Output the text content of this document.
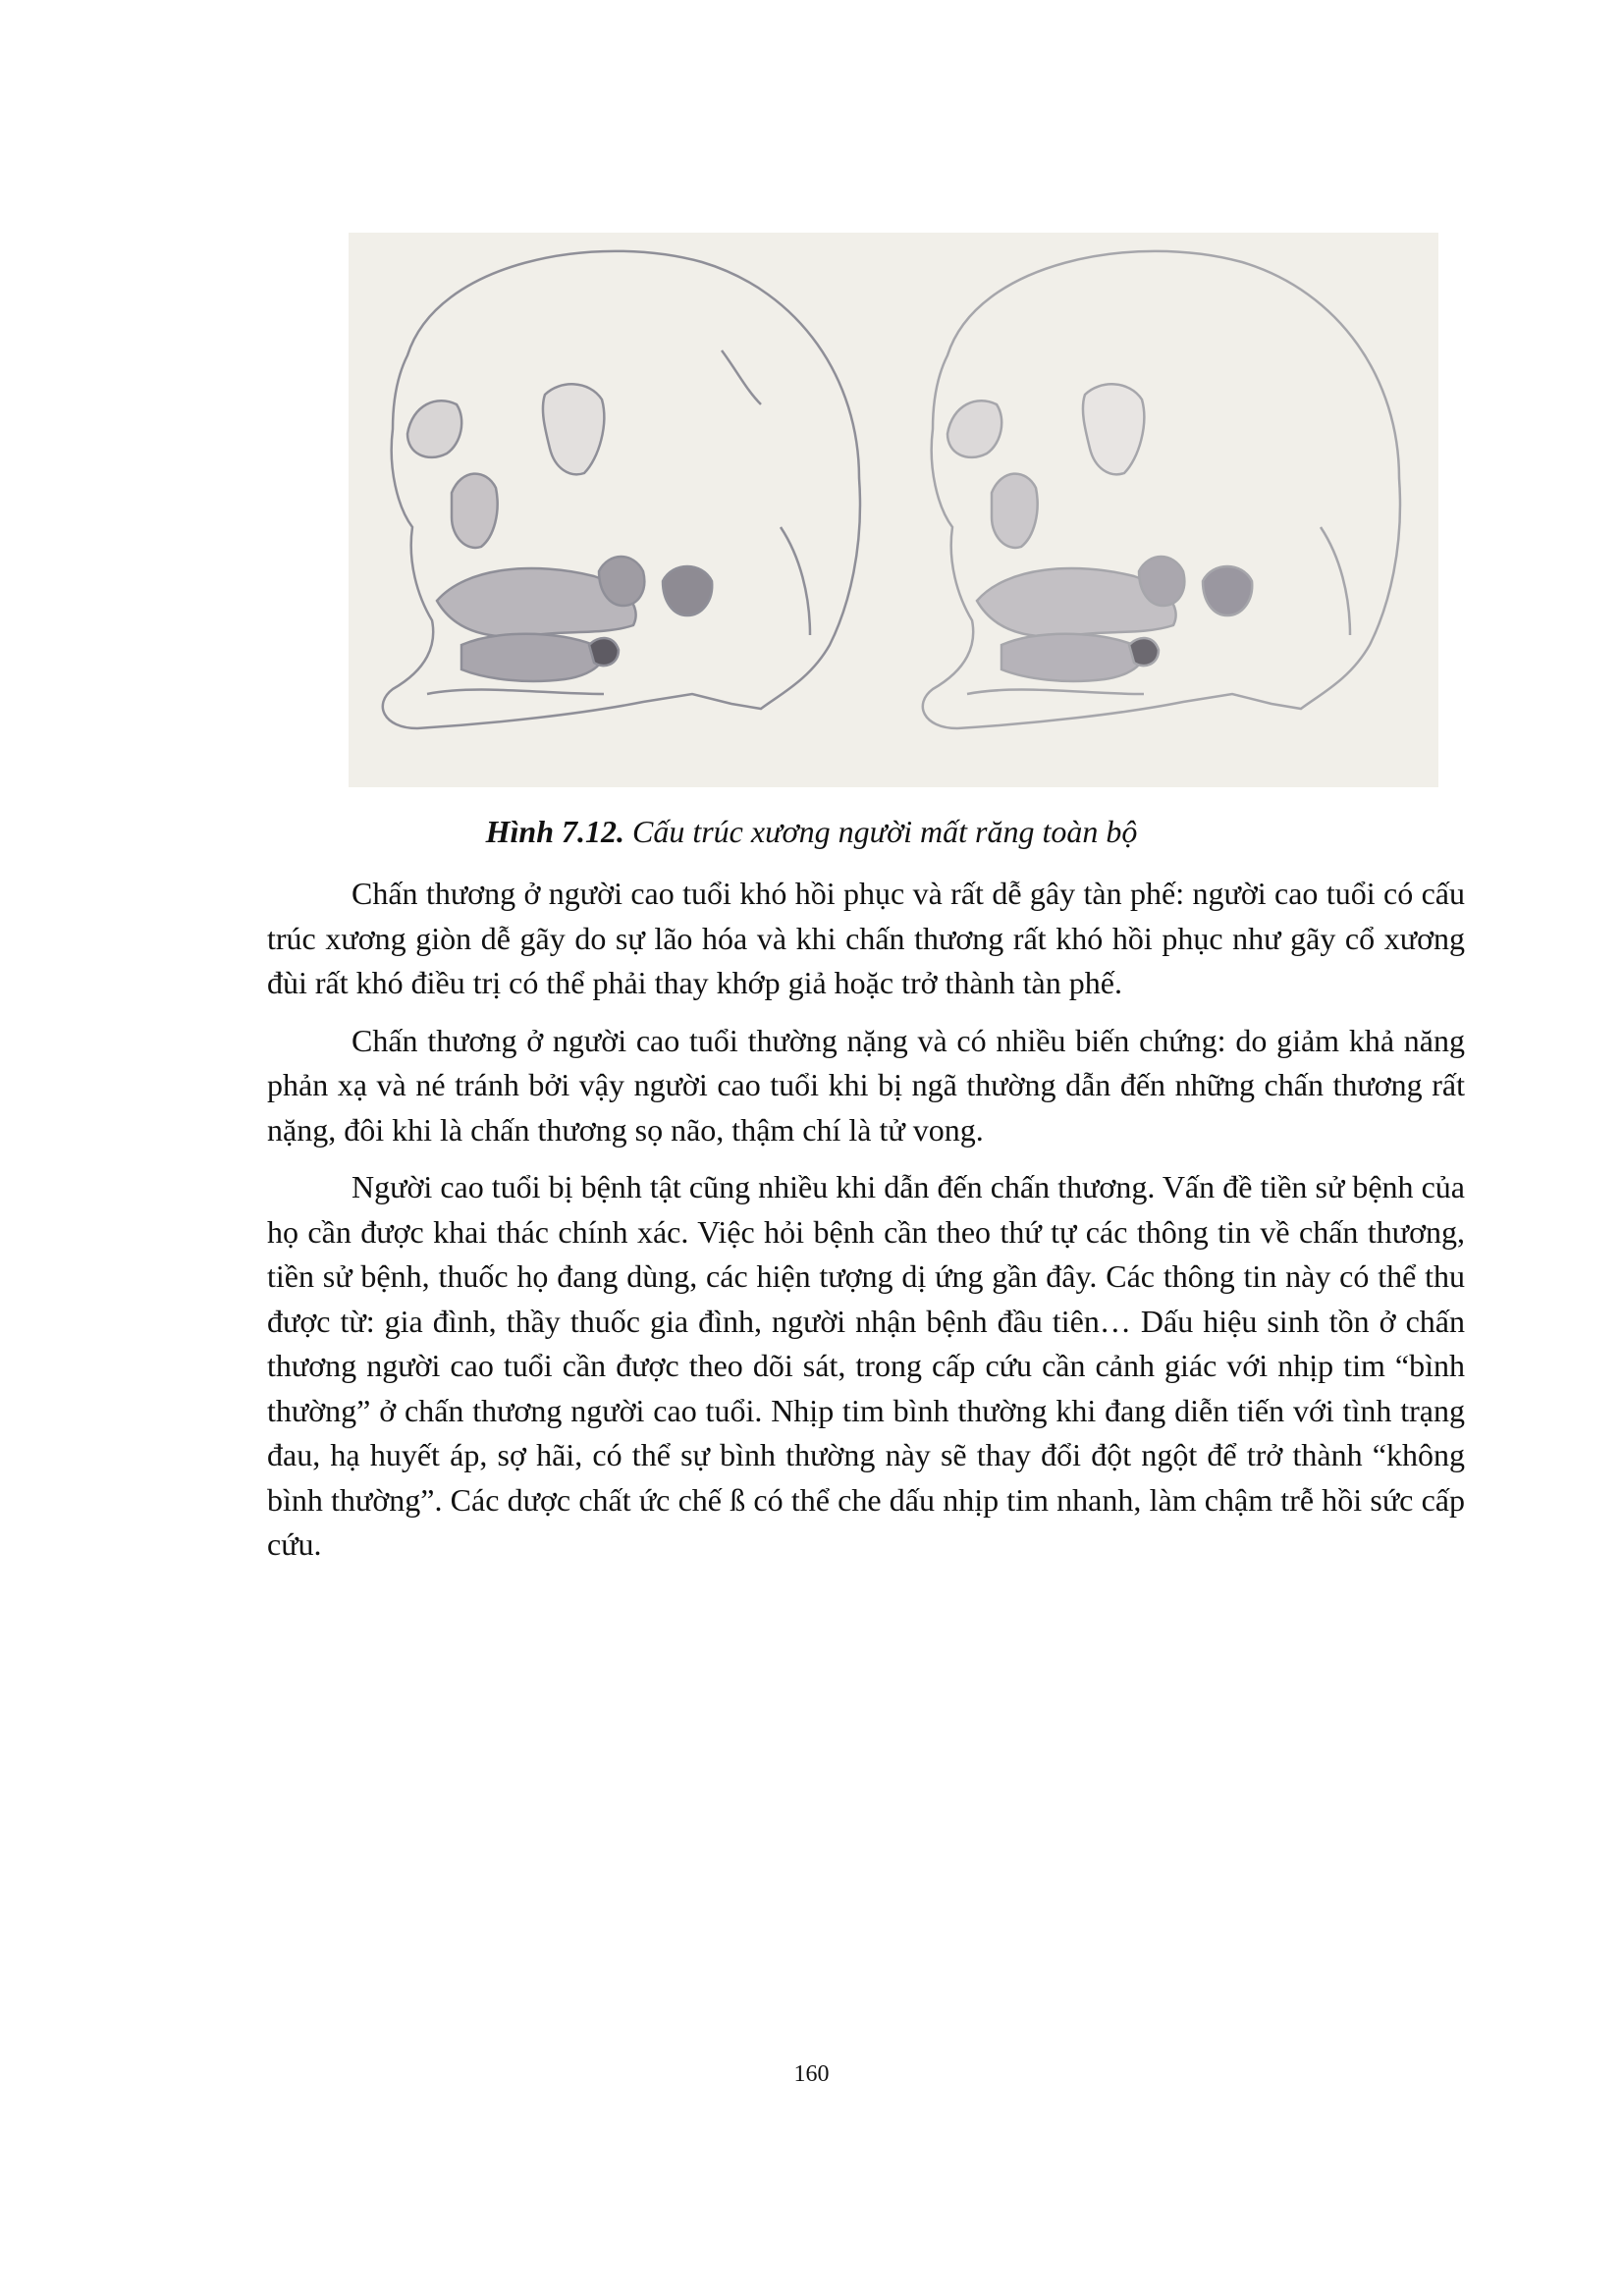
Hình 7.12. Cấu trúc xương người mất răng toàn bộ

Chấn thương ở người cao tuổi khó hồi phục và rất dễ gây tàn phế: người cao tuổi có cấu trúc xương giòn dễ gãy do sự lão hóa và khi chấn thương rất khó hồi phục như gãy cổ xương đùi rất khó điều trị có thể phải thay khớp giả hoặc trở thành tàn phế.

Chấn thương ở người cao tuổi thường nặng và có nhiều biến chứng: do giảm khả năng phản xạ và né tránh bởi vậy người cao tuổi khi bị ngã thường dẫn đến những chấn thương rất nặng, đôi khi là chấn thương sọ não, thậm chí là tử vong.

Người cao tuổi bị bệnh tật cũng nhiều khi dẫn đến chấn thương. Vấn đề tiền sử bệnh của họ cần được khai thác chính xác. Việc hỏi bệnh cần theo thứ tự các thông tin về chấn thương, tiền sử bệnh, thuốc họ đang dùng, các hiện tượng dị ứng gần đây. Các thông tin này có thể thu được từ: gia đình, thầy thuốc gia đình, người nhận bệnh đầu tiên… Dấu hiệu sinh tồn ở chấn thương người cao tuổi cần được theo dõi sát, trong cấp cứu cần cảnh giác với nhịp tim “bình thường” ở chấn thương người cao tuổi. Nhịp tim bình thường khi đang diễn tiến với tình trạng đau, hạ huyết áp, sợ hãi, có thể sự bình thường này sẽ thay đổi đột ngột để trở thành “không bình thường”. Các dược chất ức chế ß có thể che dấu nhịp tim nhanh, làm chậm trễ hồi sức cấp cứu.

160
